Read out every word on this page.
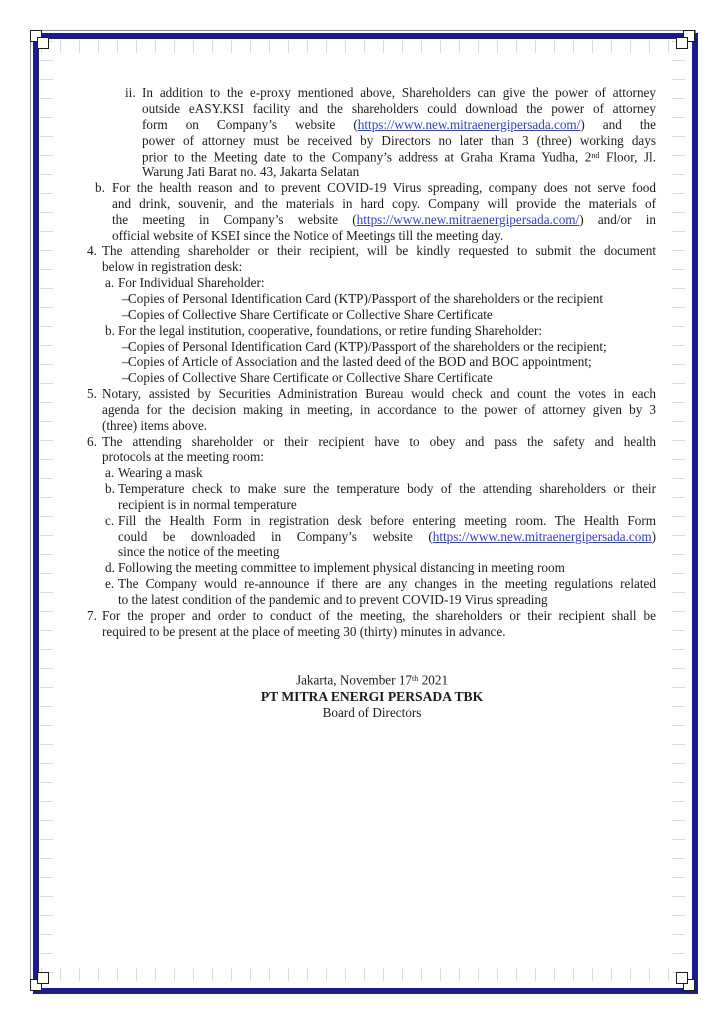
ii. In addition to the e-proxy mentioned above, Shareholders can give the power of attorney
outside eASY.KSI facility and the shareholders could download the power of attorney
form on Company’s website (https://www.new.mitraenergipersada.com/) and the
power of attorney must be received by Directors no later than 3 (three) working days
prior to the Meeting date to the Company’s address at Graha Krama Yudha, 2nd Floor, Jl.
Warung Jati Barat no. 43, Jakarta Selatan
b. For the health reason and to prevent COVID-19 Virus spreading, company does not serve food
and drink, souvenir, and the materials in hard copy. Company will provide the materials of
the meeting in Company’s website (https://www.new.mitraenergipersada.com/) and/or in
official website of KSEI since the Notice of Meetings till the meeting day.
4. The attending shareholder or their recipient, will be kindly requested to submit the document
below in registration desk:
a. For Individual Shareholder:
– Copies of Personal Identification Card (KTP)/Passport of the shareholders or the recipient
– Copies of Collective Share Certificate or Collective Share Certificate
b. For the legal institution, cooperative, foundations, or retire funding Shareholder:
– Copies of Personal Identification Card (KTP)/Passport of the shareholders or the recipient;
– Copies of Article of Association and the lasted deed of the BOD and BOC appointment;
– Copies of Collective Share Certificate or Collective Share Certificate
5. Notary, assisted by Securities Administration Bureau would check and count the votes in each
agenda for the decision making in meeting, in accordance to the power of attorney given by 3
(three) items above.
6. The attending shareholder or their recipient have to obey and pass the safety and health
protocols at the meeting room:
a. Wearing a mask
b. Temperature check to make sure the temperature body of the attending shareholders or their
recipient is in normal temperature
c. Fill the Health Form in registration desk before entering meeting room. The Health Form
could be downloaded in Company’s website (https://www.new.mitraenergipersada.com)
since the notice of the meeting
d. Following the meeting committee to implement physical distancing in meeting room
e. The Company would re-announce if there are any changes in the meeting regulations related
to the latest condition of the pandemic and to prevent COVID-19 Virus spreading
7. For the proper and order to conduct of the meeting, the shareholders or their recipient shall be
required to be present at the place of meeting 30 (thirty) minutes in advance.
Jakarta, November 17th 2021
PT MITRA ENERGI PERSADA TBK
Board of Directors
